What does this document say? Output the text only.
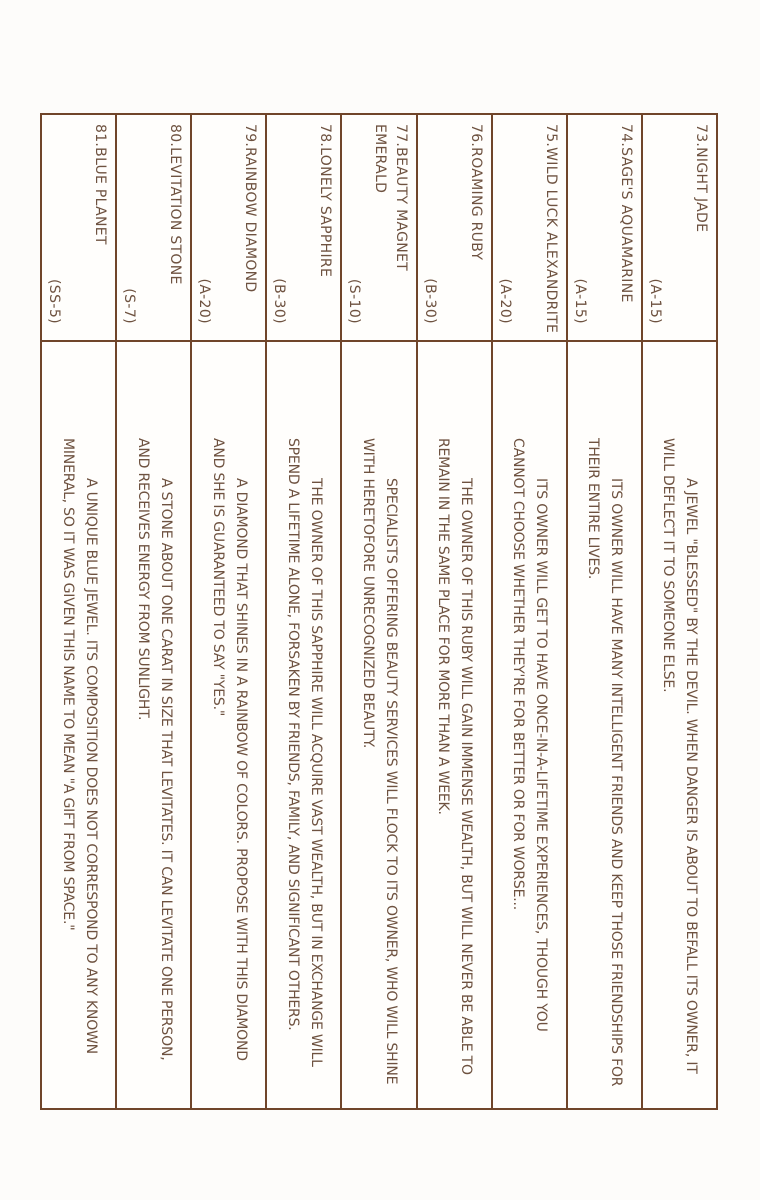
73.NIGHT JADE
(A-15)
A JEWEL "BLESSED" BY THE DEVIL. WHEN DANGER IS ABOUT TO BEFALL ITS OWNER, IT WILL DEFLECT IT TO SOMEONE ELSE.
74.SAGE'S AQUAMARINE
(A-15)
ITS OWNER WILL HAVE MANY INTELLIGENT FRIENDS AND KEEP THOSE FRIENDSHIPS FOR THEIR ENTIRE LIVES.
75.WILD LUCK ALEXANDRITE
(A-20)
ITS OWNER WILL GET TO HAVE ONCE-IN-A-LIFETIME EXPERIENCES, THOUGH YOU CANNOT CHOOSE WHETHER THEY'RE FOR BETTER OR FOR WORSE...
76.ROAMING RUBY
(B-30)
THE OWNER OF THIS RUBY WILL GAIN IMMENSE WEALTH, BUT WILL NEVER BE ABLE TO REMAIN IN THE SAME PLACE FOR MORE THAN A WEEK.
77.BEAUTY MAGNET EMERALD
(S-10)
SPECIALISTS OFFERING BEAUTY SERVICES WILL FLOCK TO ITS OWNER, WHO WILL SHINE WITH HERETOFORE UNRECOGNIZED BEAUTY.
78.LONELY SAPPHIRE
(B-30)
THE OWNER OF THIS SAPPHIRE WILL ACQUIRE VAST WEALTH, BUT IN EXCHANGE WILL SPEND A LIFETIME ALONE, FORSAKEN BY FRIENDS, FAMILY, AND SIGNIFICANT OTHERS.
79.RAINBOW DIAMOND
(A-20)
A DIAMOND THAT SHINES IN A RAINBOW OF COLORS. PROPOSE WITH THIS DIAMOND AND SHE IS GUARANTEED TO SAY "YES."
80.LEVITATION STONE
(S-7)
A STONE ABOUT ONE CARAT IN SIZE THAT LEVITATES. IT CAN LEVITATE ONE PERSON, AND RECEIVES ENERGY FROM SUNLIGHT.
81.BLUE PLANET
(SS-5)
A UNIQUE BLUE JEWEL. ITS COMPOSITION DOES NOT CORRESPOND TO ANY KNOWN MINERAL, SO IT WAS GIVEN THIS NAME TO MEAN "A GIFT FROM SPACE."
